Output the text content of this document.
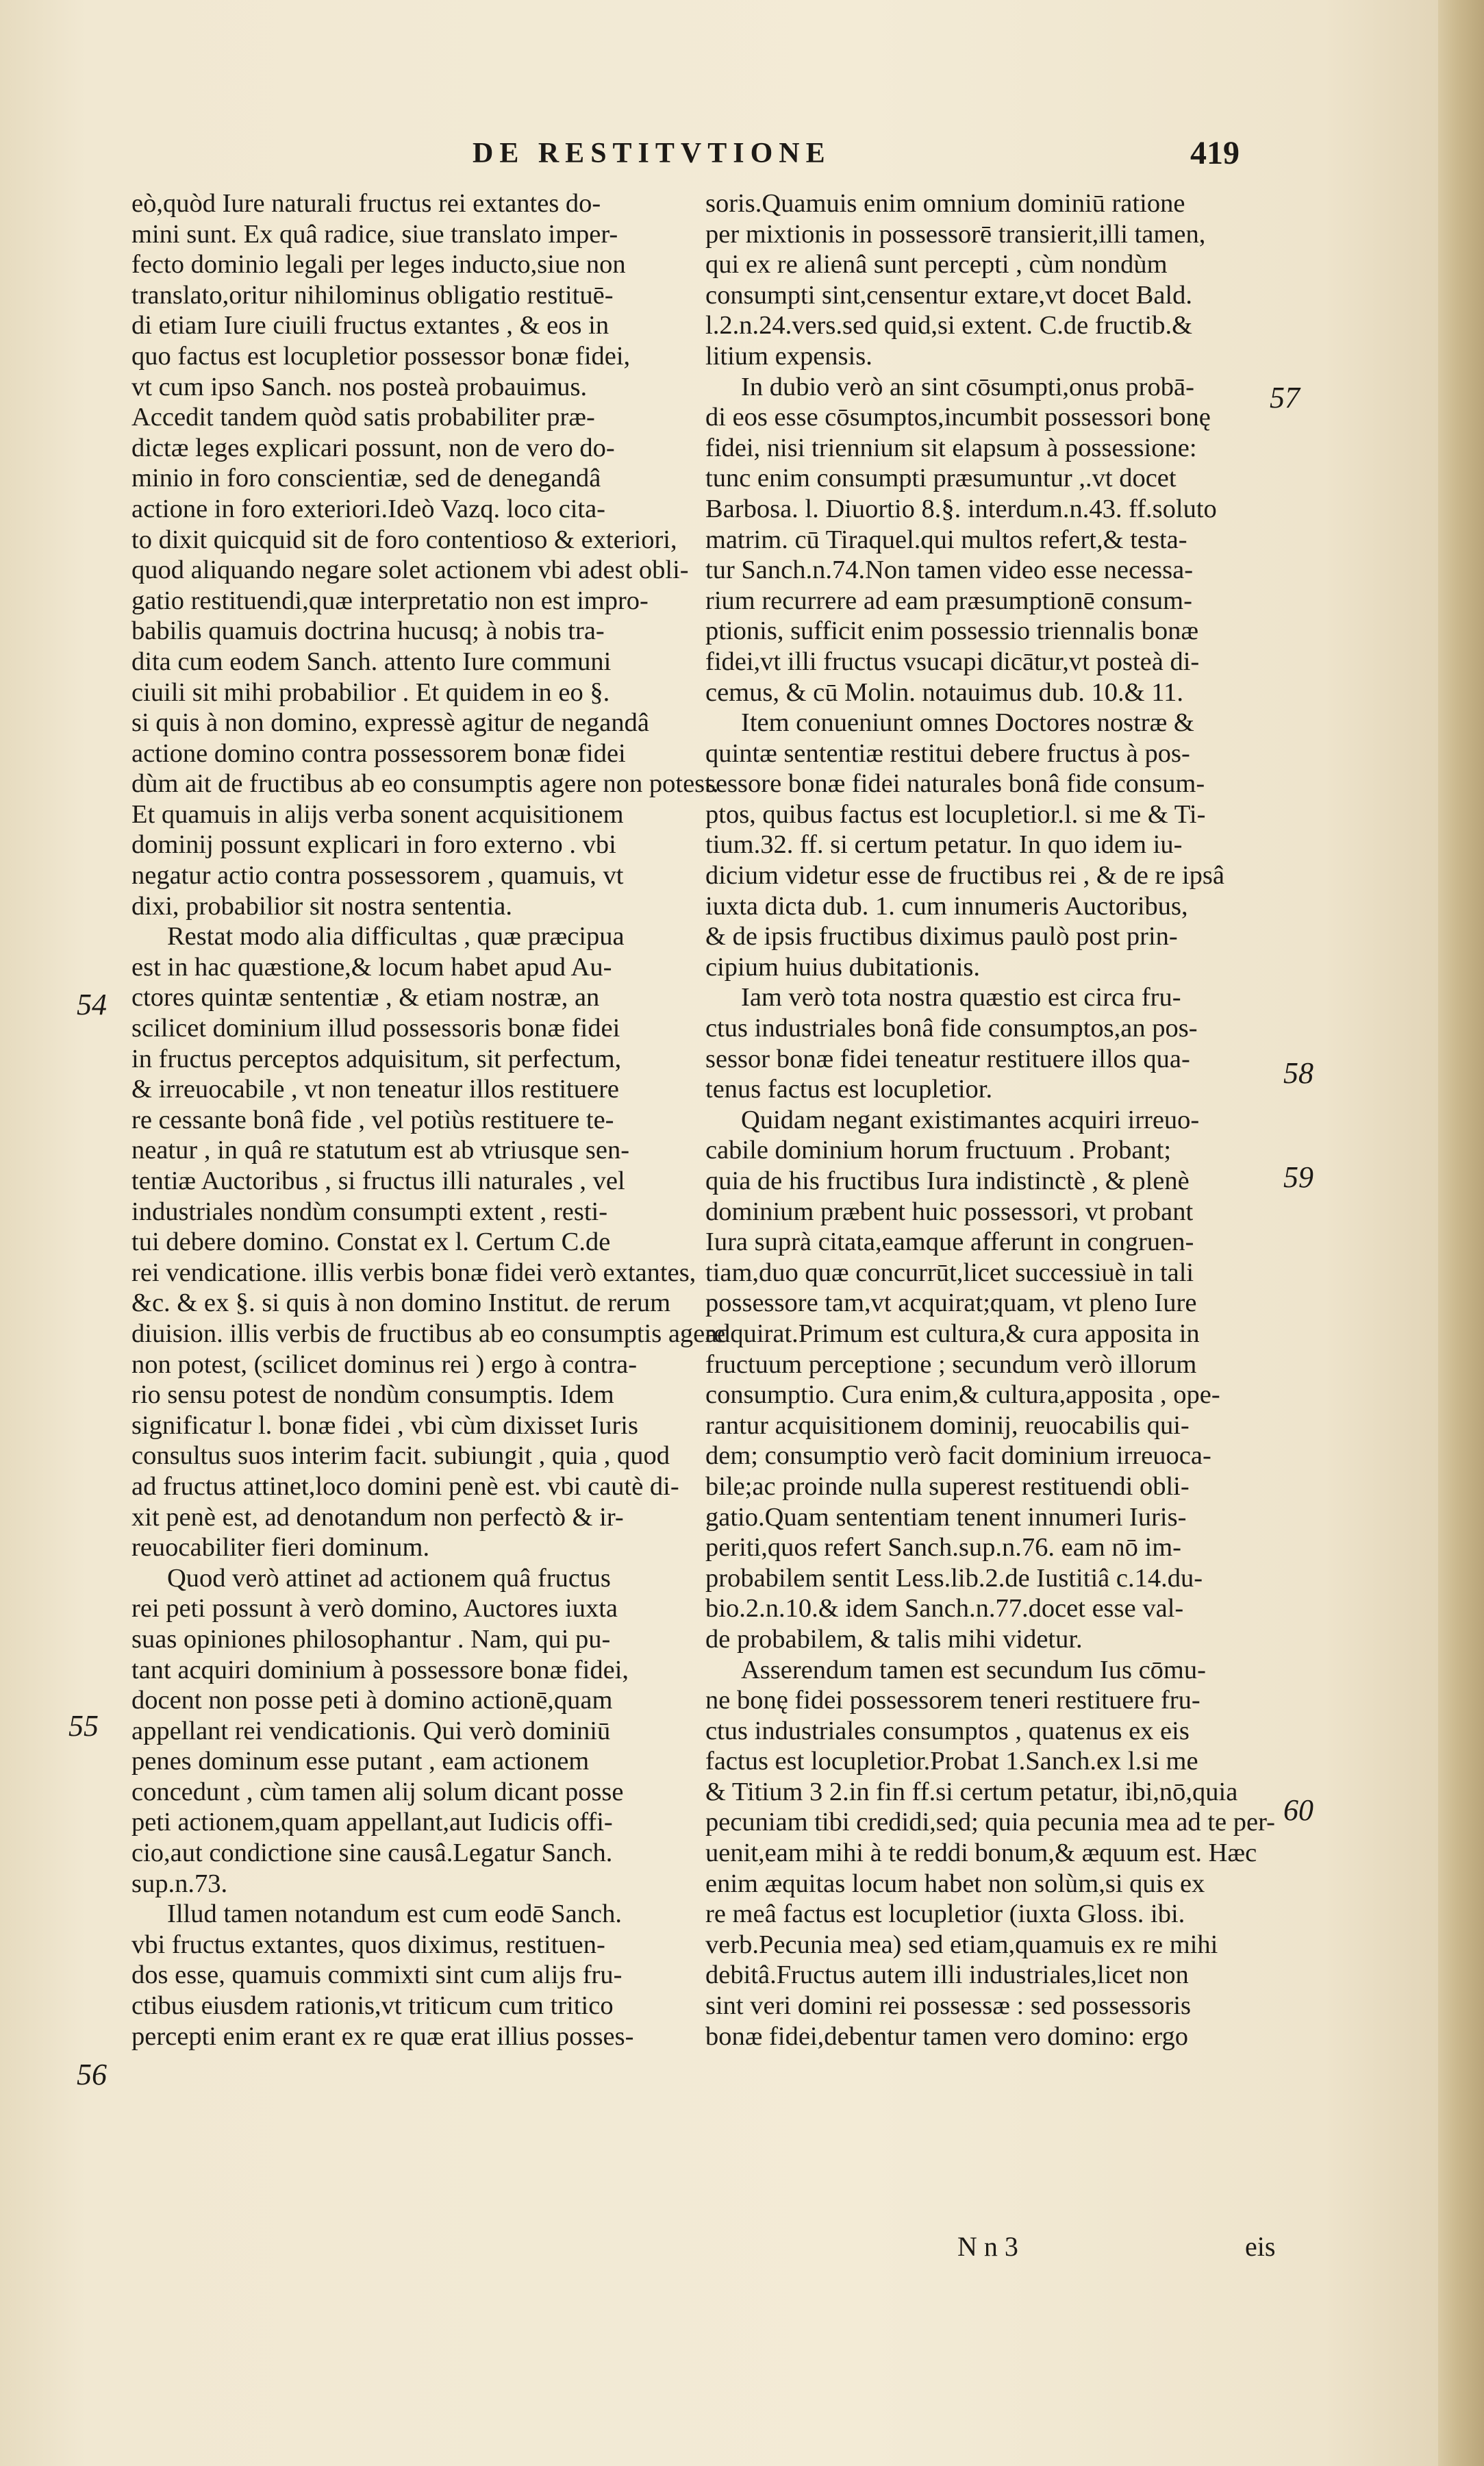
DE RESTITVTIONE	419
eò,quòd Iure naturali fructus rei extantes do-
mini sunt. Ex quâ radice, siue translato imper-
fecto dominio legali per leges inducto,siue non
translato,oritur nihilominus obligatio restituē-
di etiam Iure ciuili fructus extantes , & eos in
quo factus est locupletior possessor bonæ fidei,
vt cum ipso Sanch. nos posteà probauimus.
Accedit tandem quòd satis probabiliter præ-
dictæ leges explicari possunt, non de vero do-
minio in foro conscientiæ, sed de denegandâ
actione in foro exteriori.Ideò Vazq. loco cita-
to dixit quicquid sit de foro contentioso & exteriori,
quod aliquando negare solet actionem vbi adest obli-
gatio restituendi,quæ interpretatio non est impro-
babilis quamuis doctrina hucusq; à nobis tra-
dita cum eodem Sanch. attento Iure communi
ciuili sit mihi probabilior . Et quidem in eo §.
si quis à non domino, expressè agitur de negandâ
actione domino contra possessorem bonæ fidei
dùm ait de fructibus ab eo consumptis agere non potest.
Et quamuis in alijs verba sonent acquisitionem
dominij possunt explicari in foro externo . vbi
negatur actio contra possessorem , quamuis, vt
dixi, probabilior sit nostra sententia.
Restat modo alia difficultas , quæ præcipua
est in hac quæstione,& locum habet apud Au-
ctores quintæ sententiæ , & etiam nostræ, an
scilicet dominium illud possessoris bonæ fidei
in fructus perceptos adquisitum, sit perfectum,
& irreuocabile , vt non teneatur illos restituere
re cessante bonâ fide , vel potiùs restituere te-
neatur , in quâ re statutum est ab vtriusque sen-
tentiæ Auctoribus , si fructus illi naturales , vel
industriales nondùm consumpti extent , resti-
tui debere domino. Constat ex l. Certum C.de
rei vendicatione. illis verbis bonæ fidei verò extantes,
&c. & ex §. si quis à non domino Institut. de rerum
diuision. illis verbis de fructibus ab eo consumptis agere
non potest, (scilicet dominus rei ) ergo à contra-
rio sensu potest de nondùm consumptis. Idem
significatur l. bonæ fidei , vbi cùm dixisset Iuris
consultus suos interim facit. subiungit , quia , quod
ad fructus attinet,loco domini penè est. vbi cautè di-
xit penè est, ad denotandum non perfectò & ir-
reuocabiliter fieri dominum.
Quod verò attinet ad actionem quâ fructus
rei peti possunt à verò domino, Auctores iuxta
suas opiniones philosophantur . Nam, qui pu-
tant acquiri dominium à possessore bonæ fidei,
docent non posse peti à domino actionē,quam
appellant rei vendicationis. Qui verò dominiū
penes dominum esse putant , eam actionem
concedunt , cùm tamen alij solum dicant posse
peti actionem,quam appellant,aut Iudicis offi-
cio,aut condictione sine causâ.Legatur Sanch.
sup.n.73.
Illud tamen notandum est cum eodē Sanch.
vbi fructus extantes, quos diximus, restituen-
dos esse, quamuis commixti sint cum alijs fru-
ctibus eiusdem rationis,vt triticum cum tritico
percepti enim erant ex re quæ erat illius posses-
soris.Quamuis enim omnium dominiū ratione
per mixtionis in possessorē transierit,illi tamen,
qui ex re alienâ sunt percepti , cùm nondùm
consumpti sint,censentur extare,vt docet Bald.
l.2.n.24.vers.sed quid,si extent. C.de fructib.&
litium expensis.
In dubio verò an sint cōsumpti,onus probā-
di eos esse cōsumptos,incumbit possessori bonę
fidei, nisi triennium sit elapsum à possessione:
tunc enim consumpti præsumuntur ,.vt docet
Barbosa. l. Diuortio 8.§. interdum.n.43. ff.soluto
matrim. cū Tiraquel.qui multos refert,& testa-
tur Sanch.n.74.Non tamen video esse necessa-
rium recurrere ad eam præsumptionē consum-
ptionis, sufficit enim possessio triennalis bonæ
fidei,vt illi fructus vsucapi dicātur,vt posteà di-
cemus, & cū Molin. notauimus dub. 10.& 11.
Item conueniunt omnes Doctores nostræ &
quintæ sententiæ restitui debere fructus à pos-
sessore bonæ fidei naturales bonâ fide consum-
ptos, quibus factus est locupletior.l. si me & Ti-
tium.32. ff. si certum petatur. In quo idem iu-
dicium videtur esse de fructibus rei , & de re ipsâ
iuxta dicta dub. 1. cum innumeris Auctoribus,
& de ipsis fructibus diximus paulò post prin-
cipium huius dubitationis.
Iam verò tota nostra quæstio est circa fru-
ctus industriales bonâ fide consumptos,an pos-
sessor bonæ fidei teneatur restituere illos qua-
tenus factus est locupletior.
Quidam negant existimantes acquiri irreuo-
cabile dominium horum fructuum . Probant;
quia de his fructibus Iura indistinctè , & plenè
dominium præbent huic possessori, vt probant
Iura suprà citata,eamque afferunt in congruen-
tiam,duo quæ concurrūt,licet successiuè in tali
possessore tam,vt acquirat;quam, vt pleno Iure
adquirat.Primum est cultura,& cura apposita in
fructuum perceptione ; secundum verò illorum
consumptio. Cura enim,& cultura,apposita , ope-
rantur acquisitionem dominij, reuocabilis qui-
dem; consumptio verò facit dominium irreuoca-
bile;ac proinde nulla superest restituendi obli-
gatio.Quam sententiam tenent innumeri Iuris-
periti,quos refert Sanch.sup.n.76. eam nō im-
probabilem sentit Less.lib.2.de Iustitiâ c.14.du-
bio.2.n.10.& idem Sanch.n.77.docet esse val-
de probabilem, & talis mihi videtur.
Asserendum tamen est secundum Ius cōmu-
ne bonę fidei possessorem teneri restituere fru-
ctus industriales consumptos , quatenus ex eis
factus est locupletior.Probat 1.Sanch.ex l.si me
& Titium 3 2.in fin ff.si certum petatur, ibi,nō,quia
pecuniam tibi credidi,sed; quia pecunia mea ad te per-
uenit,eam mihi à te reddi bonum,& æquum est. Hæc
enim æquitas locum habet non solùm,si quis ex
re meâ factus est locupletior (iuxta Gloss. ibi.
verb.Pecunia mea) sed etiam,quamuis ex re mihi
debitâ.Fructus autem illi industriales,licet non
sint veri domini rei possessæ : sed possessoris
bonæ fidei,debentur tamen vero domino: ergo
54
55
56
57
58
59
60
N n 3	eis
